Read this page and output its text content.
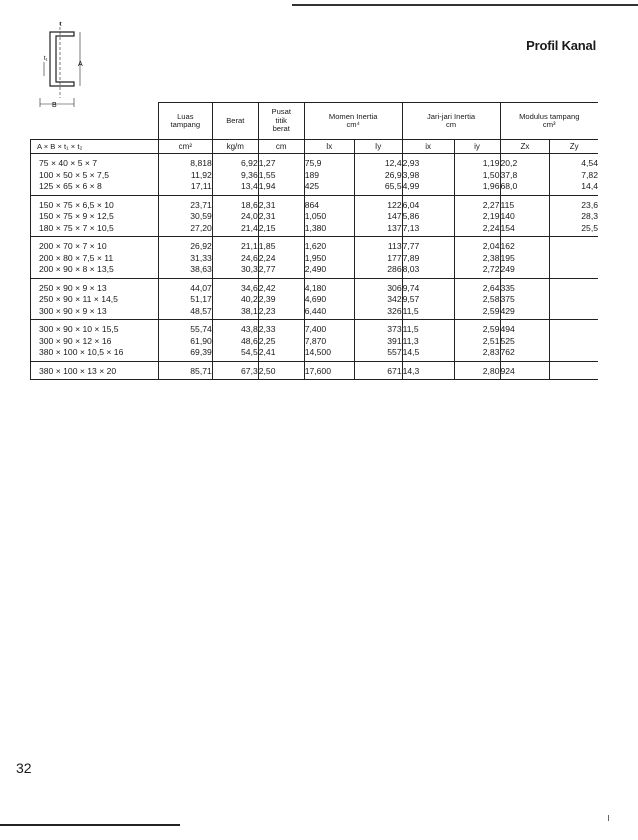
Profil Kanal
A
B
t
t₁
	Luas
tampang	Berat	Pusat
titik
berat	Momen Inertia
cm⁴		Jari-jari Inertia
cm		Modulus tampang
cm³	
A × B × t₁ × t₂	cm²	kg/m	cm	Ix	Iy	ix	iy	Zx	Zy
75 × 40 × 5 × 7	8,818	6,92	1,27	75,9	12,4	2,93	1,19	20,2	4,54
100 × 50 × 5 × 7,5	11,92	9,36	1,55	189	26,9	3,98	1,50	37,8	7,82
125 × 65 × 6 × 8	17,11	13,4	1,94	425	65,5	4,99	1,96	68,0	14,4
150 × 75 × 6,5 × 10	23,71	18,6	2,31	864	122	6,04	2,27	115	23,6
150 × 75 × 9 × 12,5	30,59	24,0	2,31	1,050	147	5,86	2,19	140	28,3
180 × 75 × 7 × 10,5	27,20	21,4	2,15	1,380	137	7,13	2,24	154	25,5
200 × 70 × 7 × 10	26,92	21,1	1,85	1,620	113	7,77	2,04	162	
200 × 80 × 7,5 × 11	31,33	24,6	2,24	1,950	177	7,89	2,38	195	
200 × 90 × 8 × 13,5	38,63	30,3	2,77	2,490	286	8,03	2,72	249	
250 × 90 × 9 × 13	44,07	34,6	2,42	4,180	306	9,74	2,64	335	
250 × 90 × 11 × 14,5	51,17	40,2	2,39	4,690	342	9,57	2,58	375	
300 × 90 × 9 × 13	48,57	38,1	2,23	6,440	326	11,5	2,59	429	
300 × 90 × 10 × 15,5	55,74	43,8	2,33	7,400	373	11,5	2,59	494	
300 × 90 × 12 × 16	61,90	48,6	2,25	7,870	391	11,3	2,51	525	
380 × 100 × 10,5 × 16	69,39	54,5	2,41	14,500	557	14,5	2,83	762	
380 × 100 × 13 × 20	85,71	67,3	2,50	17,600	671	14,3	2,80	924	
32
